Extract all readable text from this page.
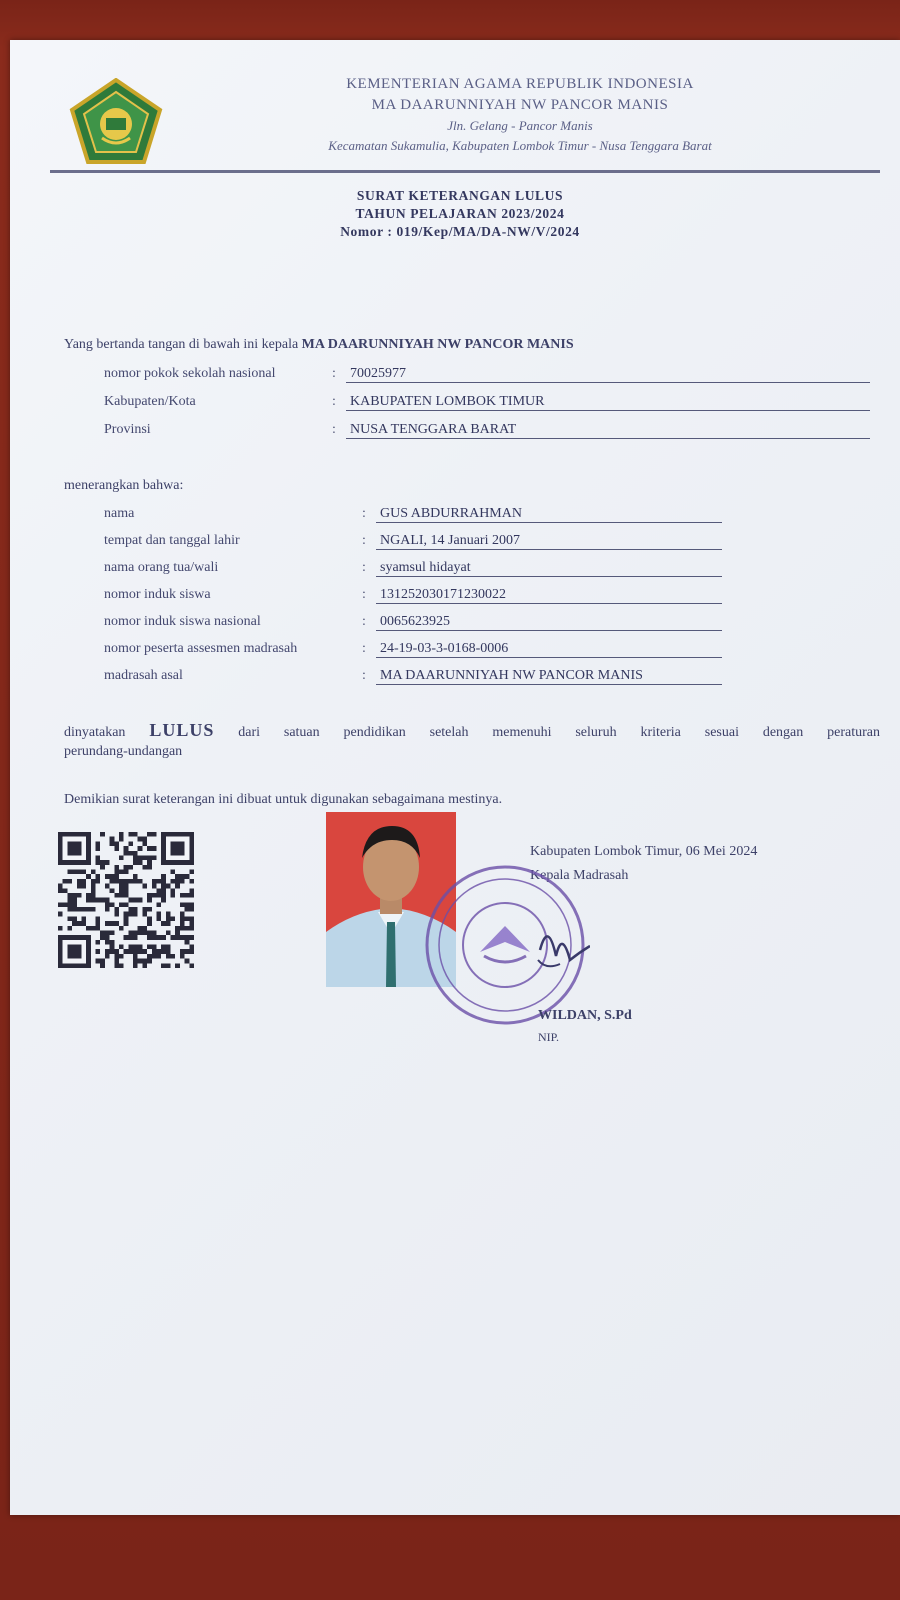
KEMENTERIAN AGAMA REPUBLIK INDONESIA
MA DAARUNNIYAH NW PANCOR MANIS
Jln. Gelang - Pancor Manis
Kecamatan Sukamulia, Kabupaten Lombok Timur - Nusa Tenggara Barat
SURAT KETERANGAN LULUS
TAHUN PELAJARAN 2023/2024
Nomor : 019/Kep/MA/DA-NW/V/2024
Yang bertanda tangan di bawah ini kepala MA DAARUNNIYAH NW PANCOR MANIS
nomor pokok sekolah nasional	: 70025977
Kabupaten/Kota	: KABUPATEN LOMBOK TIMUR
Provinsi	: NUSA TENGGARA BARAT
menerangkan bahwa:
nama	: GUS ABDURRAHMAN
tempat dan tanggal lahir	: NGALI, 14 Januari 2007
nama orang tua/wali	: syamsul hidayat
nomor induk siswa	: 131252030171230022
nomor induk siswa nasional	: 0065623925
nomor peserta assesmen madrasah	: 24-19-03-3-0168-0006
madrasah asal	: MA DAARUNNIYAH NW PANCOR MANIS
dinyatakan LULUS dari satuan pendidikan setelah memenuhi seluruh kriteria sesuai dengan peraturan
perundang-undangan
Demikian surat keterangan ini dibuat untuk digunakan sebagaimana mestinya.
Kabupaten Lombok Timur, 06 Mei 2024
Kepala Madrasah
WILDAN, S.Pd
NIP.
